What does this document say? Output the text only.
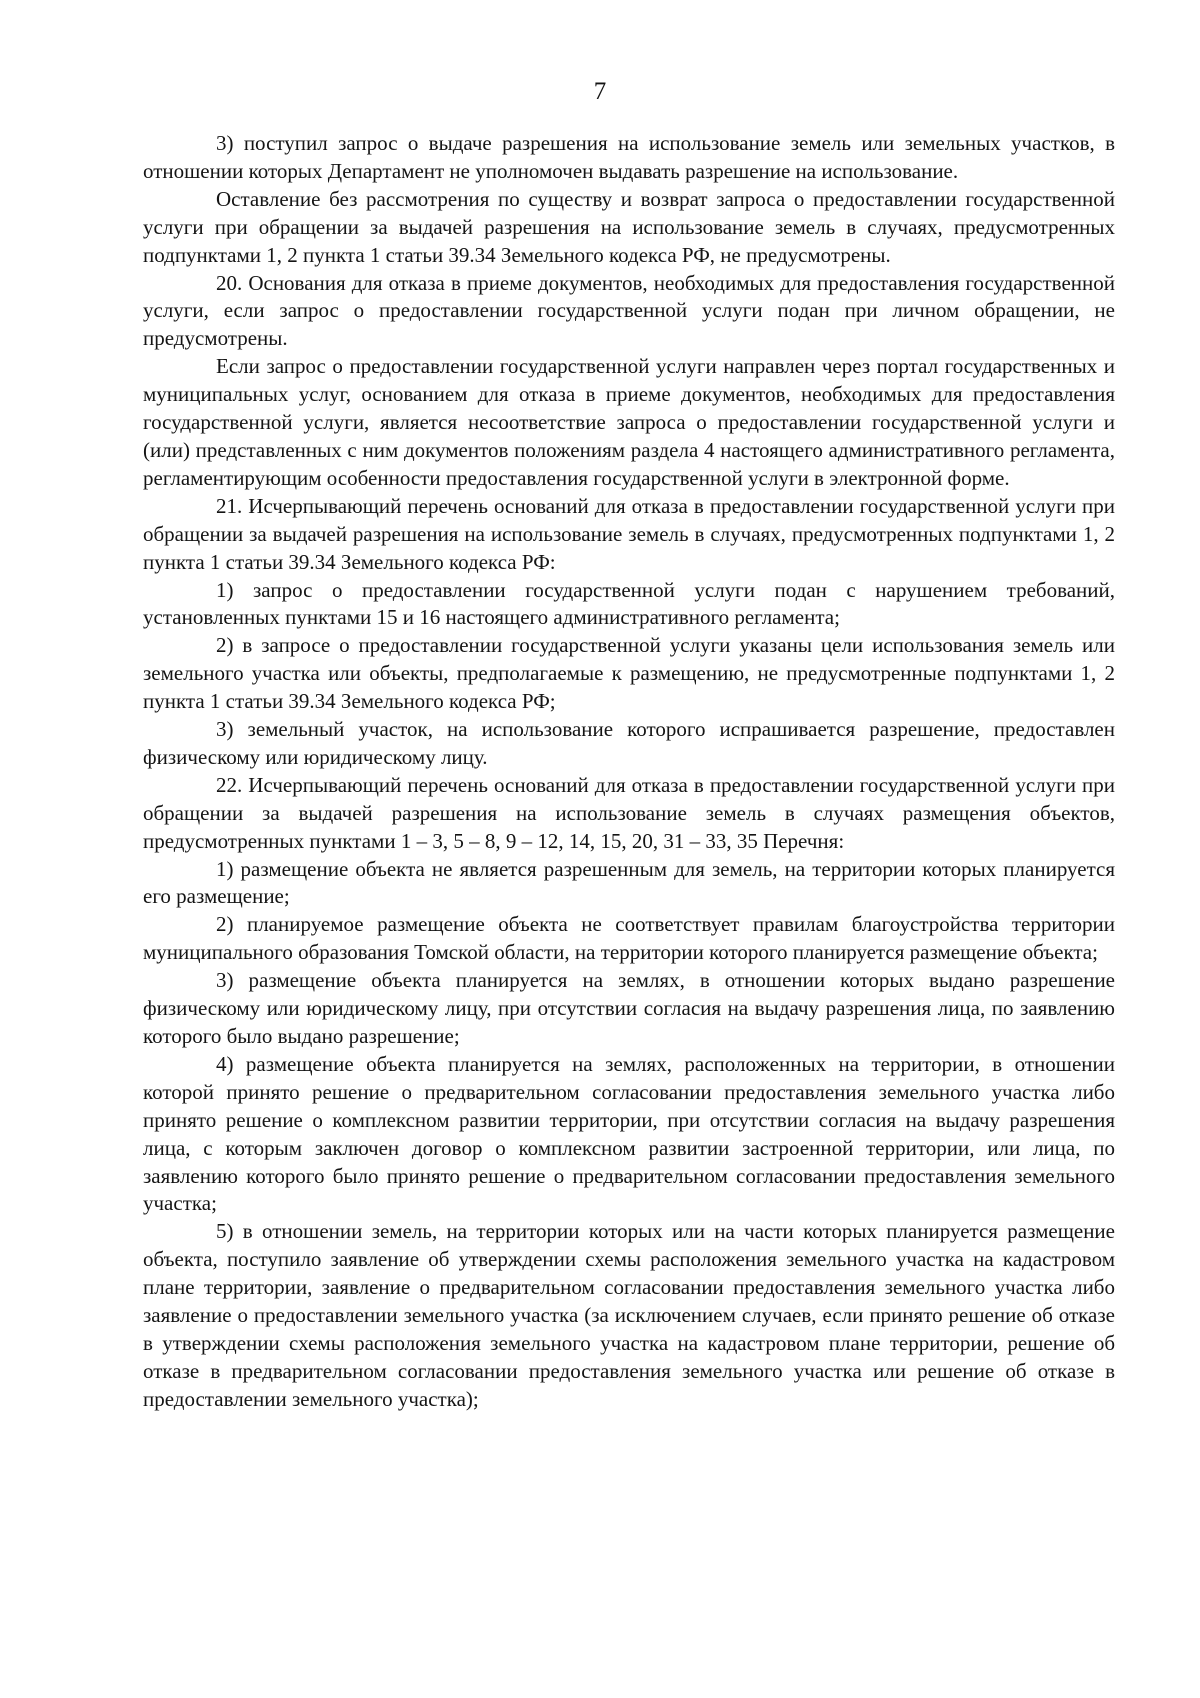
7

3) поступил запрос о выдаче разрешения на использование земель или земельных участков, в отношении которых Департамент не уполномочен выдавать разрешение на использование.

Оставление без рассмотрения по существу и возврат запроса о предоставлении государственной услуги при обращении за выдачей разрешения на использование земель в случаях, предусмотренных подпунктами 1, 2 пункта 1 статьи 39.34 Земельного кодекса РФ, не предусмотрены.

20. Основания для отказа в приеме документов, необходимых для предоставления государственной услуги, если запрос о предоставлении государственной услуги подан при личном обращении, не предусмотрены.

Если запрос о предоставлении государственной услуги направлен через портал государственных и муниципальных услуг, основанием для отказа в приеме документов, необходимых для предоставления государственной услуги, является несоответствие запроса о предоставлении государственной услуги и (или) представленных с ним документов положениям раздела 4 настоящего административного регламента, регламентирующим особенности предоставления государственной услуги в электронной форме.

21. Исчерпывающий перечень оснований для отказа в предоставлении государственной услуги при обращении за выдачей разрешения на использование земель в случаях, предусмотренных подпунктами 1, 2 пункта 1 статьи 39.34 Земельного кодекса РФ:

1) запрос о предоставлении государственной услуги подан с нарушением требований, установленных пунктами 15 и 16 настоящего административного регламента;

2) в запросе о предоставлении государственной услуги указаны цели использования земель или земельного участка или объекты, предполагаемые к размещению, не предусмотренные подпунктами 1, 2 пункта 1 статьи 39.34 Земельного кодекса РФ;

3) земельный участок, на использование которого испрашивается разрешение, предоставлен физическому или юридическому лицу.

22. Исчерпывающий перечень оснований для отказа в предоставлении государственной услуги при обращении за выдачей разрешения на использование земель в случаях размещения объектов, предусмотренных пунктами 1 – 3, 5 – 8, 9 – 12, 14, 15, 20, 31 – 33, 35 Перечня:

1) размещение объекта не является разрешенным для земель, на территории которых планируется его размещение;

2) планируемое размещение объекта не соответствует правилам благоустройства территории муниципального образования Томской области, на территории которого планируется размещение объекта;

3) размещение объекта планируется на землях, в отношении которых выдано разрешение физическому или юридическому лицу, при отсутствии согласия на выдачу разрешения лица, по заявлению которого было выдано разрешение;

4) размещение объекта планируется на землях, расположенных на территории, в отношении которой принято решение о предварительном согласовании предоставления земельного участка либо принято решение о комплексном развитии территории, при отсутствии согласия на выдачу разрешения лица, с которым заключен договор о комплексном развитии застроенной территории, или лица, по заявлению которого было принято решение о предварительном согласовании предоставления земельного участка;

5) в отношении земель, на территории которых или на части которых планируется размещение объекта, поступило заявление об утверждении схемы расположения земельного участка на кадастровом плане территории, заявление о предварительном согласовании предоставления земельного участка либо заявление о предоставлении земельного участка (за исключением случаев, если принято решение об отказе в утверждении схемы расположения земельного участка на кадастровом плане территории, решение об отказе в предварительном согласовании предоставления земельного участка или решение об отказе в предоставлении земельного участка);
